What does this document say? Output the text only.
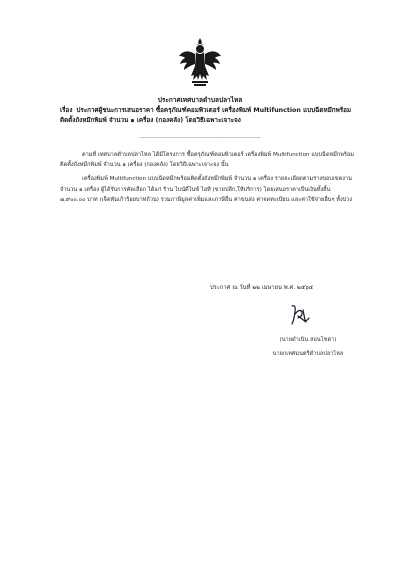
ประกาศเทศบาลตำบลปลาไหล
เรื่อง ประกาศผู้ชนะการเสนอราคา ซื้อครุภัณฑ์คอมพิวเตอร์ เครื่องพิมพ์ Multifunction แบบฉีดหมึกพร้อมติดตั้งถังหมึกพิมพ์ จำนวน ๑ เครื่อง (กองคลัง) โดยวิธีเฉพาะเจาะจง
-------------------------------------------------------------------

ตามที่ เทศบาลตำบลปลาไหล ได้มีโครงการ ซื้อครุภัณฑ์คอมพิวเตอร์ เครื่องพิมพ์ Multifunction แบบฉีดหมึกพร้อมติดตั้งถังหมึกพิมพ์ จำนวน ๑ เครื่อง (กองคลัง) โดยวิธีเฉพาะเจาะจง นั้น

เครื่องพิมพ์ Multifunction แบบฉีดหมึกพร้อมติดตั้งถังหมึกพิมพ์ จำนวน ๑ เครื่อง รายละเอียดตามร่างขอบเขตงาน จำนวน ๑ เครื่อง ผู้ได้รับการคัดเลือก ได้แก่ ร้าน ไบน์ดีไนซ์ ไอที (ขายปลีก,ให้บริการ) โดยเสนอราคาเป็นเงินทั้งสิ้น ๗,๙๐๐.๐๐ บาท (เจ็ดพันเก้าร้อยบาทถ้วน) รวมภาษีมูลค่าเพิ่มและภาษีอื่น ค่าขนส่ง ค่าจดทะเบียน และค่าใช้จ่ายอื่นๆ ทั้งปวง

ประกาศ ณ วันที่ ๒๒ เมษายน พ.ศ. ๒๕๖๕
(นายดำเนิน สอนโชตา)
นายกเทศมนตรีตำบลปลาไหล
